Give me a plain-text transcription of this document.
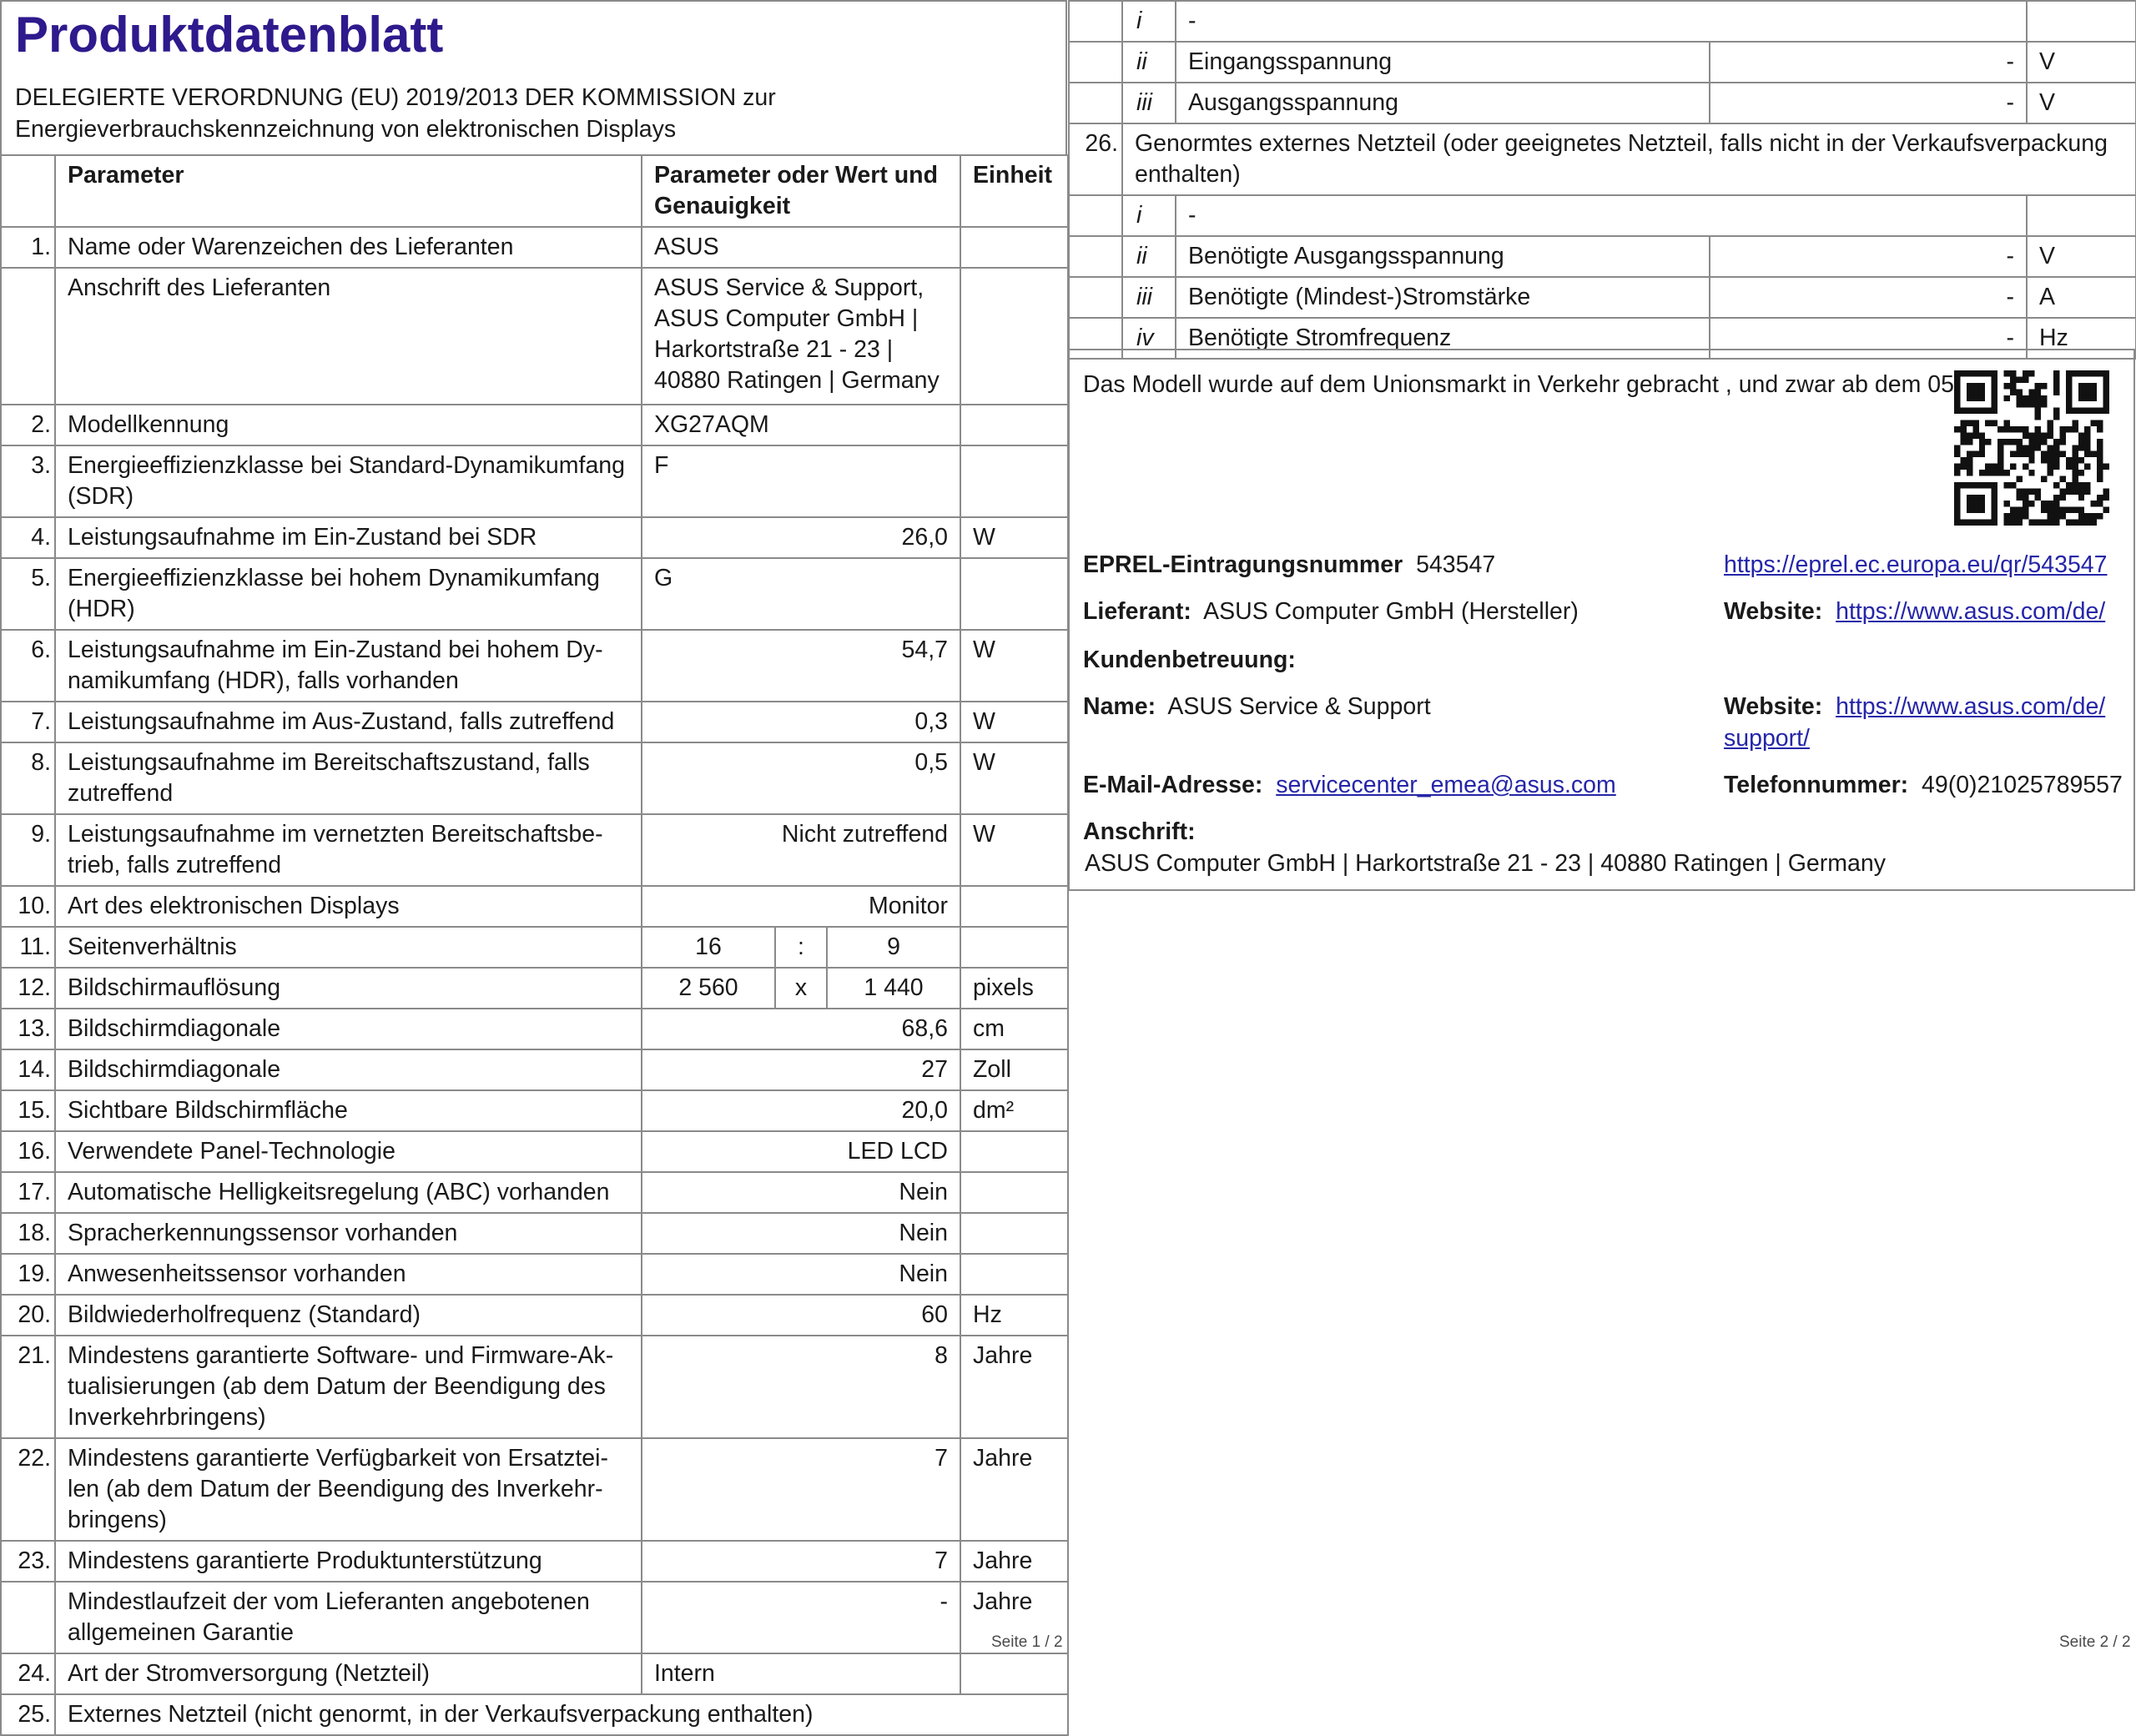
Produktdatenblatt
DELEGIERTE VERORDNUNG (EU) 2019/2013 DER KOMMISSION zur
Energieverbrauchskennzeichnung von elektronischen Displays
	Parameter	Parameter oder Wert und Genauigkeit			Einheit
1.	Name oder Warenzeichen des Lieferanten	ASUS			
	Anschrift des Lieferanten	ASUS Service & Support, ASUS Computer GmbH | Harkortstraße 21 - 23 | 40880 Ratingen | Germany			
2.	Modellkennung	XG27AQM			
3.	Energieeffizienzklasse bei Standard-Dynamikumfang (SDR)	F			
4.	Leistungsaufnahme im Ein-Zustand bei SDR	26,0			W
5.	Energieeffizienzklasse bei hohem Dynamikumfang (HDR)	G			
6.	Leistungsaufnahme im Ein-Zustand bei hohem Dynamikumfang (HDR), falls vorhanden	54,7			W
7.	Leistungsaufnahme im Aus-Zustand, falls zutreffend	0,3			W
8.	Leistungsaufnahme im Bereitschaftszustand, falls zutreffend	0,5			W
9.	Leistungsaufnahme im vernetzten Bereitschaftsbetrieb, falls zutreffend	Nicht zutreffend			W
10.	Art des elektronischen Displays	Monitor			
11.	Seitenverhältnis	16	:	9	
12.	Bildschirmauflösung	2 560	x	1 440	pixels
13.	Bildschirmdiagonale	68,6			cm
14.	Bildschirmdiagonale	27			Zoll
15.	Sichtbare Bildschirmfläche	20,0			dm²
16.	Verwendete Panel-Technologie	LED LCD			
17.	Automatische Helligkeitsregelung (ABC) vorhanden	Nein			
18.	Spracherkennungssensor vorhanden	Nein			
19.	Anwesenheitssensor vorhanden	Nein			
20.	Bildwiederholfrequenz (Standard)	60			Hz
21.	Mindestens garantierte Software- und Firmware-Aktualisierungen (ab dem Datum der Beendigung des Inverkehrbringens)	8			Jahre
22.	Mindestens garantierte Verfügbarkeit von Ersatzteilen (ab dem Datum der Beendigung des Inverkehrbringens)	7			Jahre
23.	Mindestens garantierte Produktunterstützung	7			Jahre
	Mindestlaufzeit der vom Lieferanten angebotenen allgemeinen Garantie	-			Jahre
24.	Art der Stromversorgung (Netzteil)	Intern			
25.	Externes Netzteil (nicht genormt, in der Verkaufsverpackung enthalten)				
Seite 1 / 2
	i	-		
	ii	Eingangsspannung	-	V
	iii	Ausgangsspannung	-	V
26.	Genormtes externes Netzteil (oder geeignetes Netzteil, falls nicht in der Verkaufsverpackung enthalten)			
	i	-		
	ii	Benötigte Ausgangsspannung	-	V
	iii	Benötigte (Mindest-)Stromstärke	-	A
	iv	Benötigte Stromfrequenz	-	Hz
Das Modell wurde auf dem Unionsmarkt in Verkehr gebracht , und zwar ab dem 05
EPREL-Eintragungsnummer 543547	https://eprel.ec.europa.eu/qr/543547
Lieferant: ASUS Computer GmbH (Hersteller)	Website: https://www.asus.com/de/
Kundenbetreuung:
Name: ASUS Service & Support	Website: https://www.asus.com/de/
support/
E-Mail-Adresse: servicecenter_emea@asus.com	Telefonnummer: 49(0)21025789557
Anschrift:
ASUS Computer GmbH | Harkortstraße 21 - 23 | 40880 Ratingen | Germany
Seite 2 / 2
